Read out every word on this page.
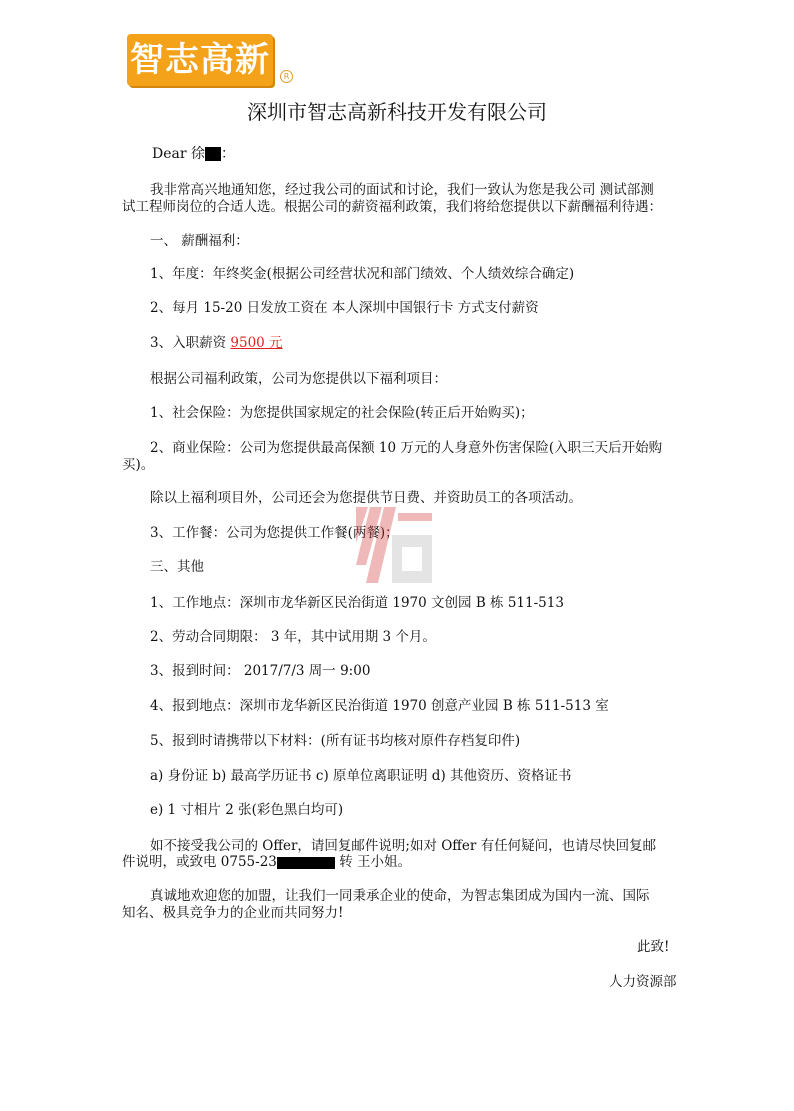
智志高新	R
深圳市智志高新科技开发有限公司
Dear 徐 ：
我非常高兴地通知您，经过我公司的面试和讨论，我们一致认为您是我公司 测试部测
试工程师岗位的合适人选。根据公司的薪资福利政策，我们将给您提供以下薪酬福利待遇：
一、 薪酬福利：
1、年度：年终奖金(根据公司经营状况和部门绩效、个人绩效综合确定)
2、每月 15-20 日发放工资在 本人深圳中国银行卡 方式支付薪资
3、入职薪资 9500 元
根据公司福利政策，公司为您提供以下福利项目：
1、社会保险：为您提供国家规定的社会保险(转正后开始购买)；
2、商业保险：公司为您提供最高保额 10 万元的人身意外伤害保险(入职三天后开始购
买)。
除以上福利项目外，公司还会为您提供节日费、并资助员工的各项活动。
3、工作餐：公司为您提供工作餐(两餐)；
三、其他
1、工作地点：深圳市龙华新区民治街道 1970 文创园 B 栋 511-513
2、劳动合同期限： 3 年，其中试用期 3 个月。
3、报到时间： 2017/7/3 周一 9:00
4、报到地点：深圳市龙华新区民治街道 1970 创意产业园 B 栋 511-513 室
5、报到时请携带以下材料：(所有证书均核对原件存档复印件)
a) 身份证 b) 最高学历证书 c) 原单位离职证明 d) 其他资历、资格证书
e) 1 寸相片 2 张(彩色黑白均可)
如不接受我公司的 Offer，请回复邮件说明;如对 Offer 有任何疑问，也请尽快回复邮
件说明，或致电 0755-23	转 王小姐。
真诚地欢迎您的加盟，让我们一同秉承企业的使命，为智志集团成为国内一流、国际
知名、极具竞争力的企业而共同努力!
此致!
人力资源部
